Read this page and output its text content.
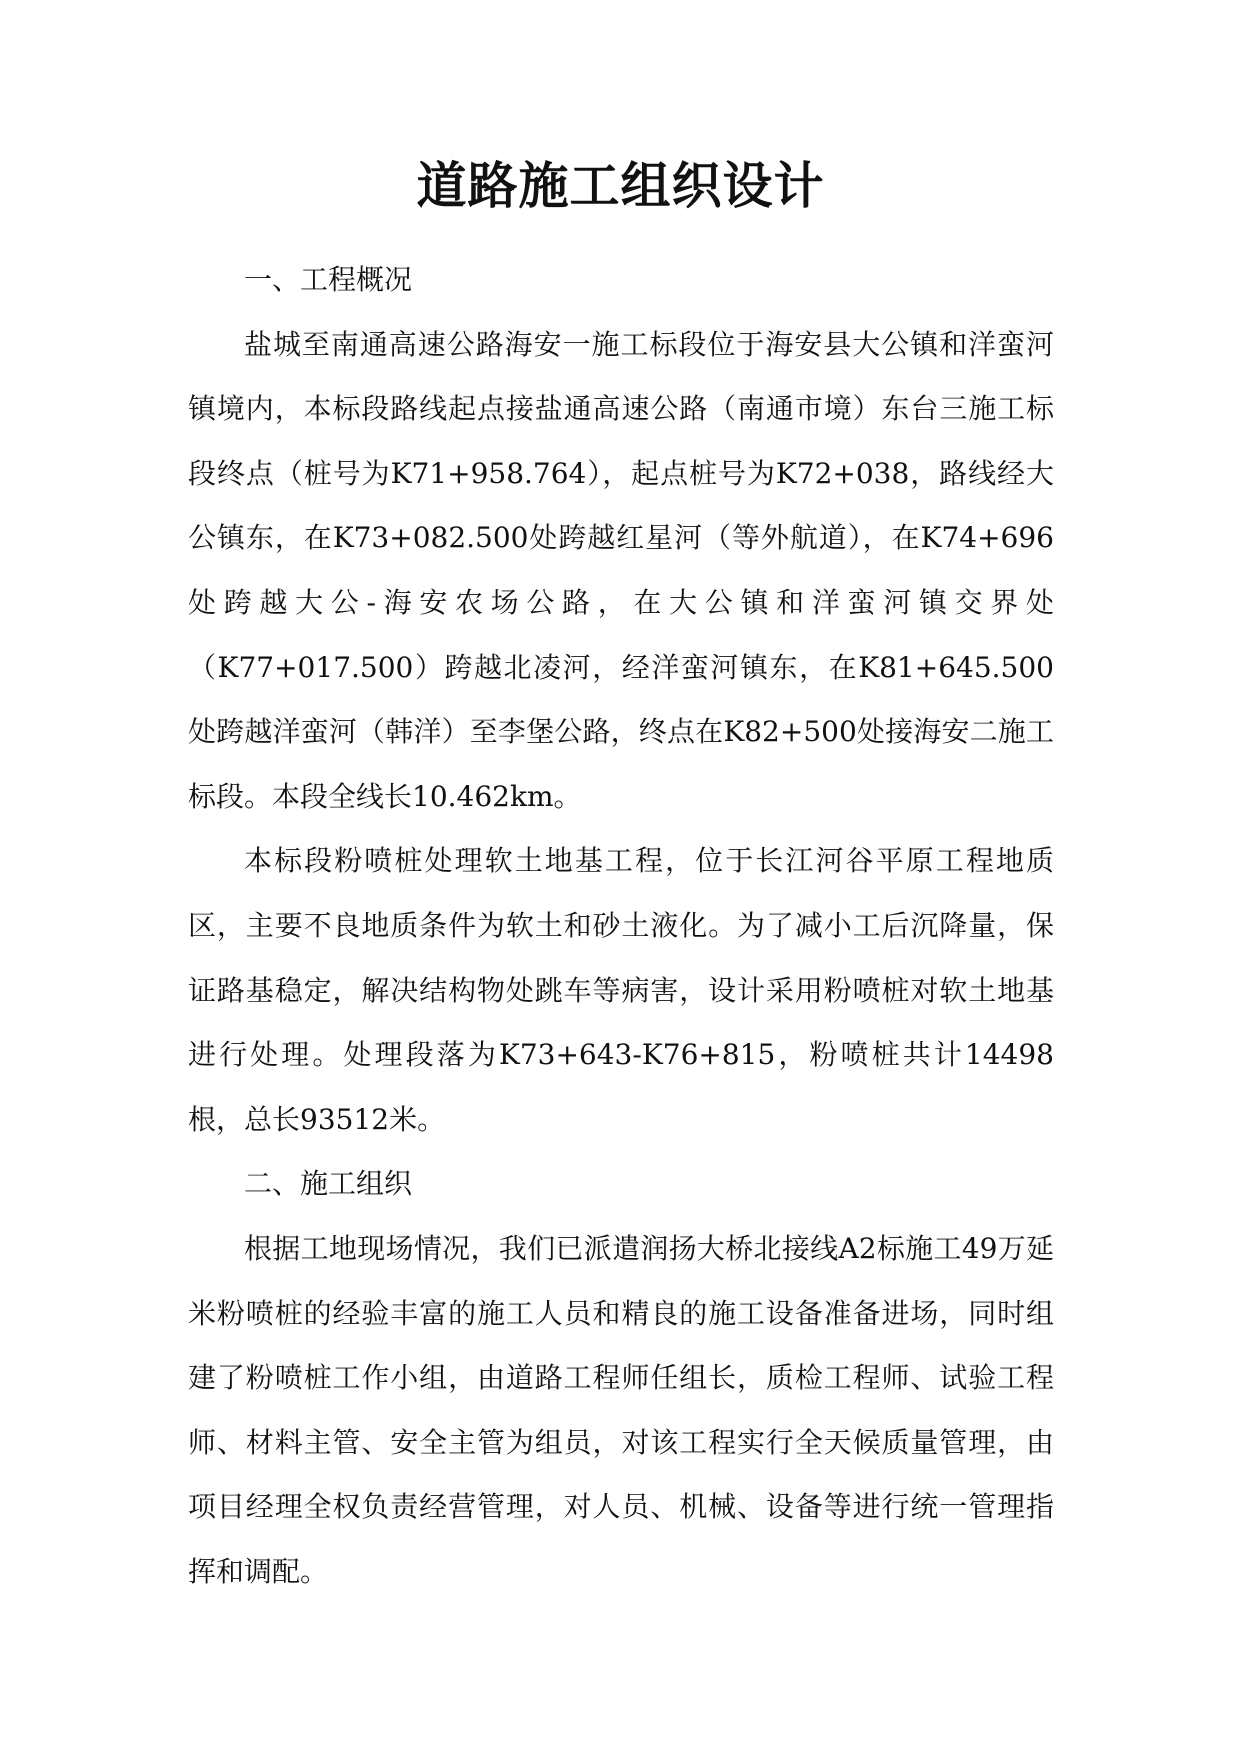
道路施工组织设计
一、工程概况

盐城至南通高速公路海安一施工标段位于海安县大公镇和洋蛮河镇境内，本标段路线起点接盐通高速公路（南通市境）东台三施工标段终点（桩号为K71+958.764），起点桩号为K72+038，路线经大公镇东，在K73+082.500处跨越红星河（等外航道），在K74+696处跨越大公-海安农场公路，在大公镇和洋蛮河镇交界处（K77+017.500）跨越北凌河，经洋蛮河镇东，在K81+645.500处跨越洋蛮河（韩洋）至李堡公路，终点在K82+500处接海安二施工标段。本段全线长10.462km。

本标段粉喷桩处理软土地基工程，位于长江河谷平原工程地质区，主要不良地质条件为软土和砂土液化。为了减小工后沉降量，保证路基稳定，解决结构物处跳车等病害，设计采用粉喷桩对软土地基进行处理。处理段落为K73+643-K76+815，粉喷桩共计14498根，总长93512米。

二、施工组织

根据工地现场情况，我们已派遣润扬大桥北接线A2标施工49万延米粉喷桩的经验丰富的施工人员和精良的施工设备准备进场，同时组建了粉喷桩工作小组，由道路工程师任组长，质检工程师、试验工程师、材料主管、安全主管为组员，对该工程实行全天候质量管理，由项目经理全权负责经营管理，对人员、机械、设备等进行统一管理指挥和调配。
